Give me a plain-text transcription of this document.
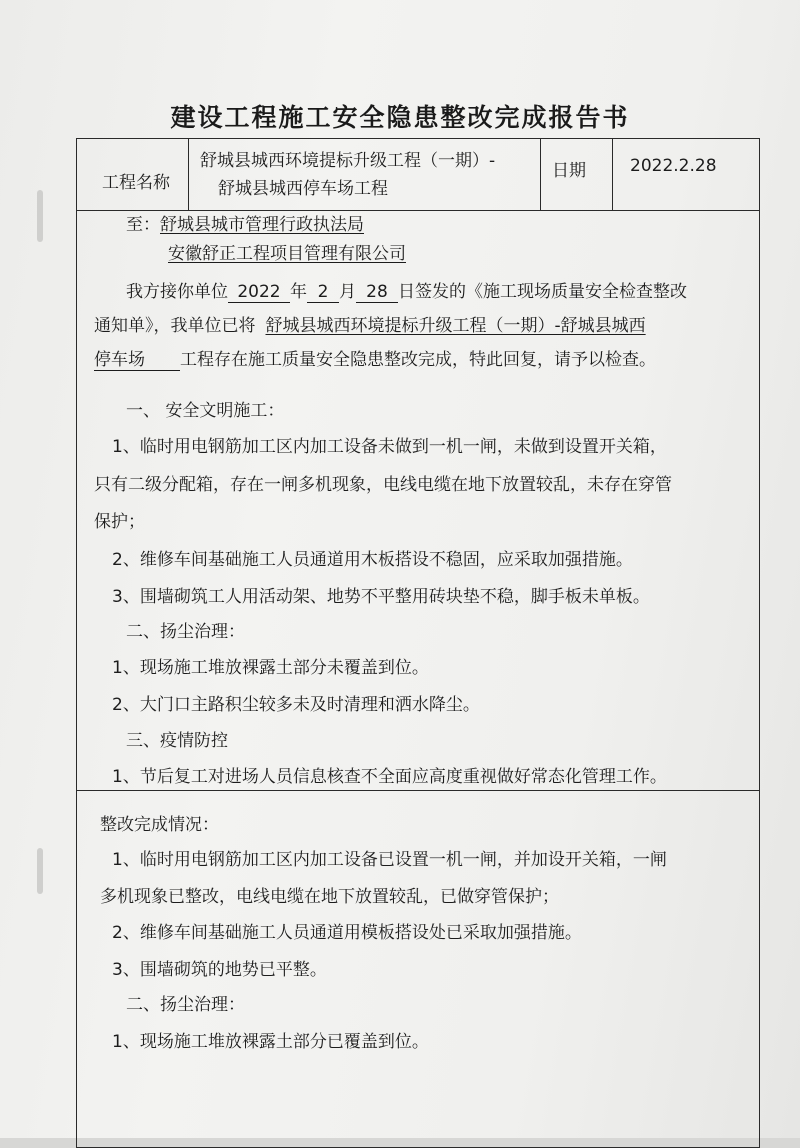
建设工程施工安全隐患整改完成报告书
工程名称
舒城县城西环境提标升级工程（一期）-
舒城县城西停车场工程
日期	2022.2.28
至：舒城县城市管理行政执法局
安徽舒正工程项目管理有限公司
我方接你单位 2022 年 2 月 28 日签发的《施工现场质量安全检查整改
通知单》，我单位已将 舒城县城西环境提标升级工程（一期）-舒城县城西
停车场 工程存在施工质量安全隐患整改完成，特此回复，请予以检查。
一、 安全文明施工：
1、临时用电钢筋加工区内加工设备未做到一机一闸，未做到设置开关箱，
只有二级分配箱，存在一闸多机现象，电线电缆在地下放置较乱，未存在穿管
保护；
2、维修车间基础施工人员通道用木板搭设不稳固，应采取加强措施。
3、围墙砌筑工人用活动架、地势不平整用砖块垫不稳，脚手板未单板。
二、扬尘治理：
1、现场施工堆放裸露土部分未覆盖到位。
2、大门口主路积尘较多未及时清理和洒水降尘。
三、疫情防控
1、节后复工对进场人员信息核查不全面应高度重视做好常态化管理工作。
整改完成情况：
1、临时用电钢筋加工区内加工设备已设置一机一闸，并加设开关箱，一闸
多机现象已整改，电线电缆在地下放置较乱，已做穿管保护；
2、维修车间基础施工人员通道用模板搭设处已采取加强措施。
3、围墙砌筑的地势已平整。
二、扬尘治理：
1、现场施工堆放裸露土部分已覆盖到位。
